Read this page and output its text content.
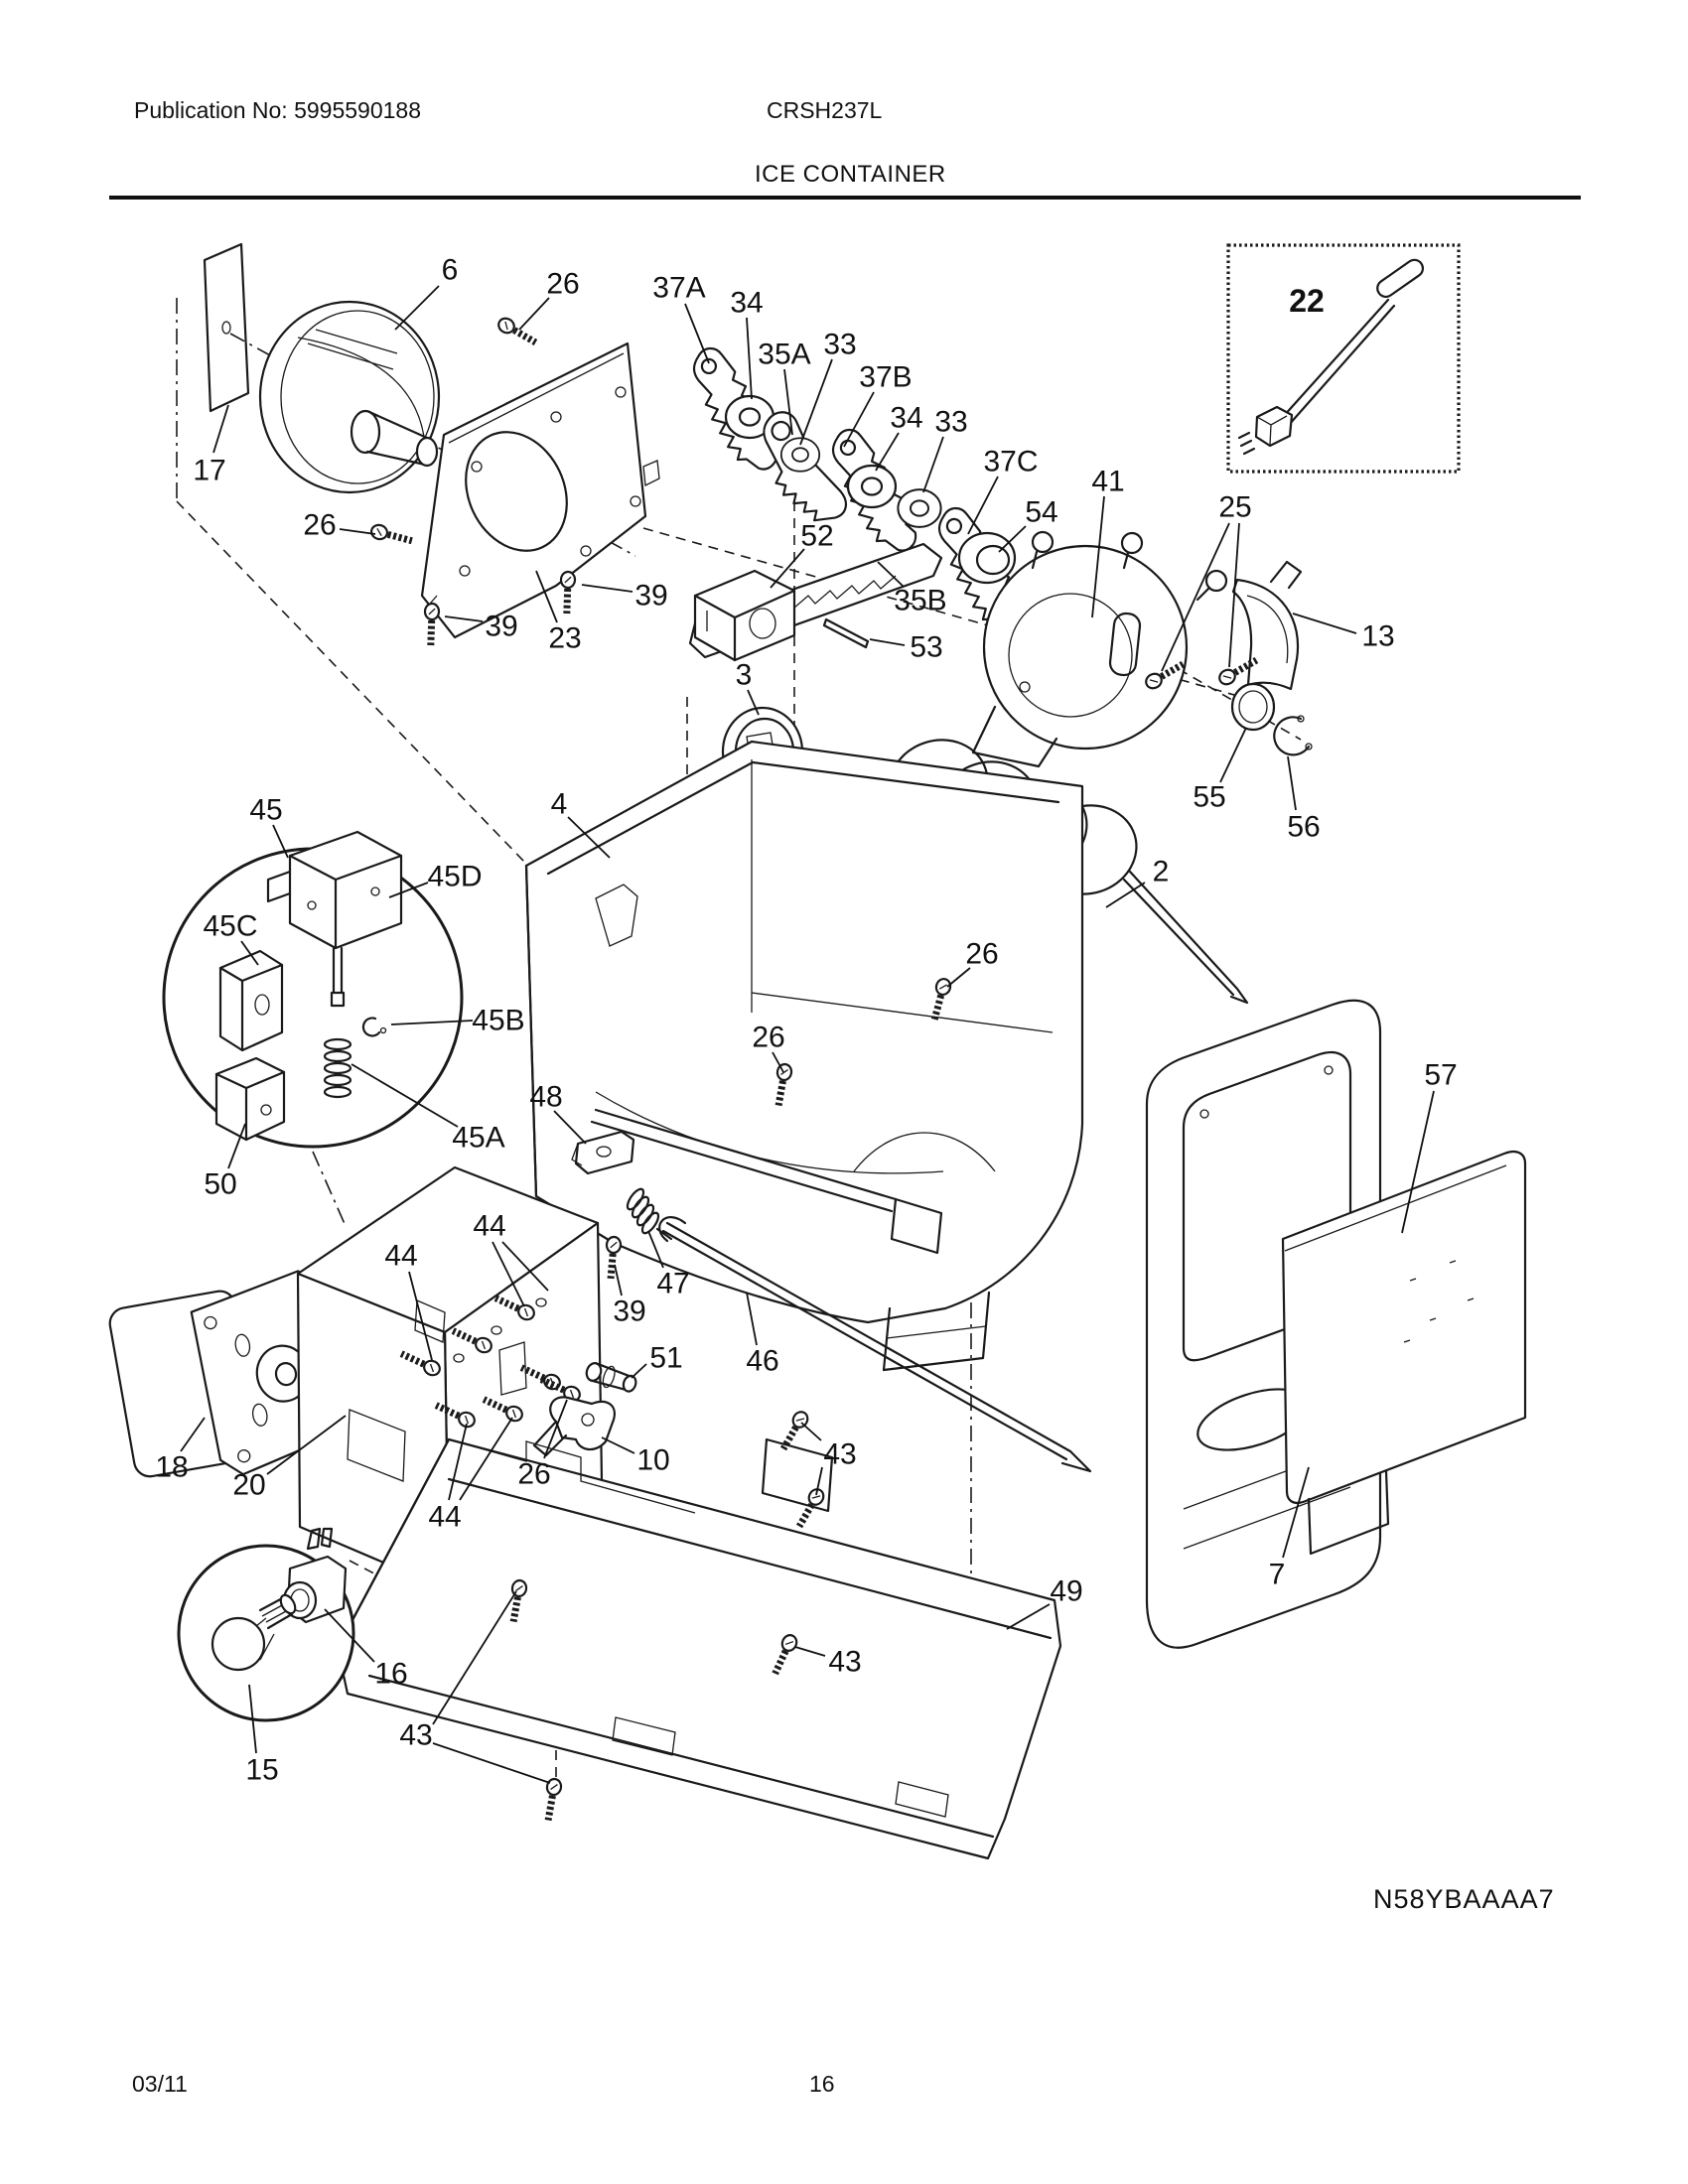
Publication No: 5995590188	CRSH237L
ICE CONTAINER
6	26 37A 34
35A 33
37B
34 33
37C
54
41
25
22
13
17
26
39 23
39
52
35B
53
3
4
2
26
26
55
56
57
45
45D
45C
45B
45A
50
48
47
39
51 46
10
18
20
44
44
44
26
49
7
43
43
43
16
15
N58YBAAAA7
03/11	16
